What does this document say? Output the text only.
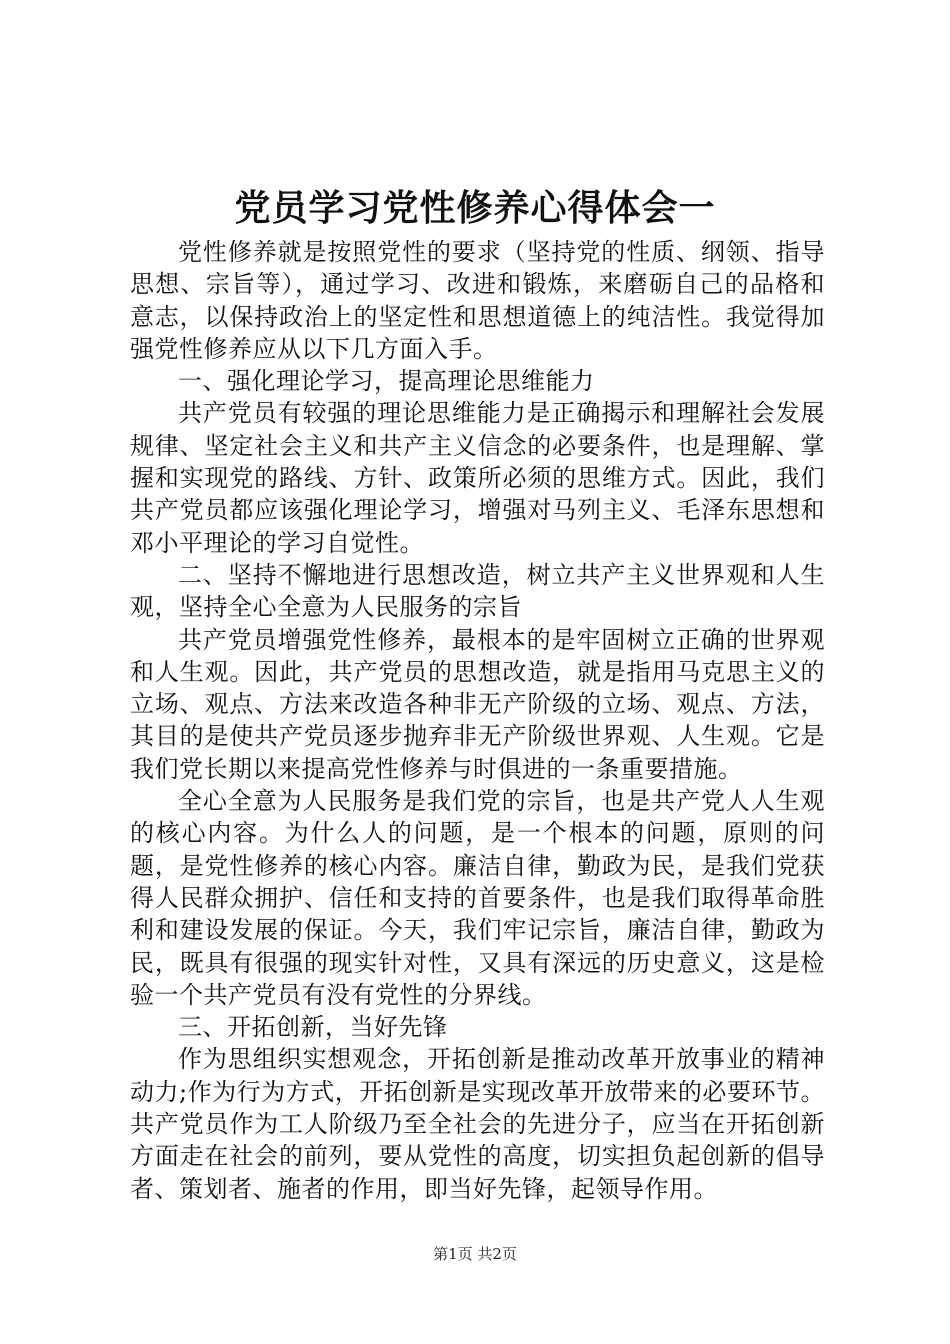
党员学习党性修养心得体会一

党性修养就是按照党性的要求（坚持党的性质、纲领、指导思想、宗旨等），通过学习、改进和锻炼，来磨砺自己的品格和意志，以保持政治上的坚定性和思想道德上的纯洁性。我觉得加强党性修养应从以下几方面入手。

一、强化理论学习，提高理论思维能力

共产党员有较强的理论思维能力是正确揭示和理解社会发展规律、坚定社会主义和共产主义信念的必要条件，也是理解、掌握和实现党的路线、方针、政策所必须的思维方式。因此，我们共产党员都应该强化理论学习，增强对马列主义、毛泽东思想和邓小平理论的学习自觉性。

二、坚持不懈地进行思想改造，树立共产主义世界观和人生观，坚持全心全意为人民服务的宗旨

共产党员增强党性修养，最根本的是牢固树立正确的世界观和人生观。因此，共产党员的思想改造，就是指用马克思主义的立场、观点、方法来改造各种非无产阶级的立场、观点、方法，其目的是使共产党员逐步抛弃非无产阶级世界观、人生观。它是我们党长期以来提高党性修养与时俱进的一条重要措施。

全心全意为人民服务是我们党的宗旨，也是共产党人人生观的核心内容。为什么人的问题，是一个根本的问题，原则的问题，是党性修养的核心内容。廉洁自律，勤政为民，是我们党获得人民群众拥护、信任和支持的首要条件，也是我们取得革命胜利和建设发展的保证。今天，我们牢记宗旨，廉洁自律，勤政为民，既具有很强的现实针对性，又具有深远的历史意义，这是检验一个共产党员有没有党性的分界线。

三、开拓创新，当好先锋

作为思组织实想观念，开拓创新是推动改革开放事业的精神动力;作为行为方式，开拓创新是实现改革开放带来的必要环节。共产党员作为工人阶级乃至全社会的先进分子，应当在开拓创新方面走在社会的前列，要从党性的高度，切实担负起创新的倡导者、策划者、施者的作用，即当好先锋，起领导作用。

第1页 共2页
